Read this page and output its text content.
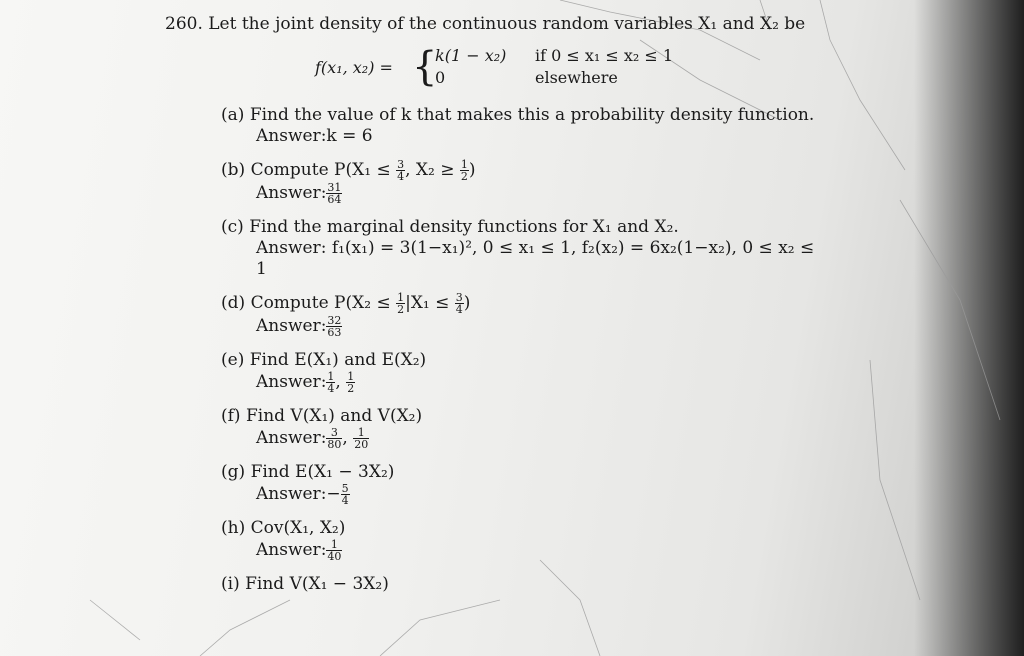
260. Let the joint density of the continuous random variables X₁ and X₂ be
f(x₁, x₂) = {
k(1 − x₂) if 0 ≤ x₁ ≤ x₂ ≤ 1
0	elsewhere
(a) Find the value of k that makes this a probability density function.
Answer:k = 6
(b) Compute $P(X_1 \le \frac{3}{4}$ , $X_2 \ge \frac{1}{2}$ )
Answer: $\frac{31}{64}$
(c) Find the marginal density functions for X₁ and X₂.
Answer: f₁(x₁) = 3(1−x₁)², 0 ≤ x₁ ≤ 1, f₂(x₂) = 6x₂(1−x₂), 0 ≤ x₂ ≤ 1
(d) Compute $P(X_2 \le \frac{1}{2} |X_1 \le \frac{3}{4}$ )
Answer: $\frac{32}{63}$
(e) Find E(X₁) and E(X₂)
Answer: $\frac{1}{4}$ , $\frac{1}{2}$
(f) Find V(X₁) and V(X₂)
Answer: $\frac{3}{80}$ , $\frac{1}{20}$
(g) Find E(X₁ − 3X₂)
Answer:− $\frac{5}{4}$
(h) Cov(X₁, X₂)
Answer: $\frac{1}{40}$
(i) Find V(X₁ − 3X₂)
